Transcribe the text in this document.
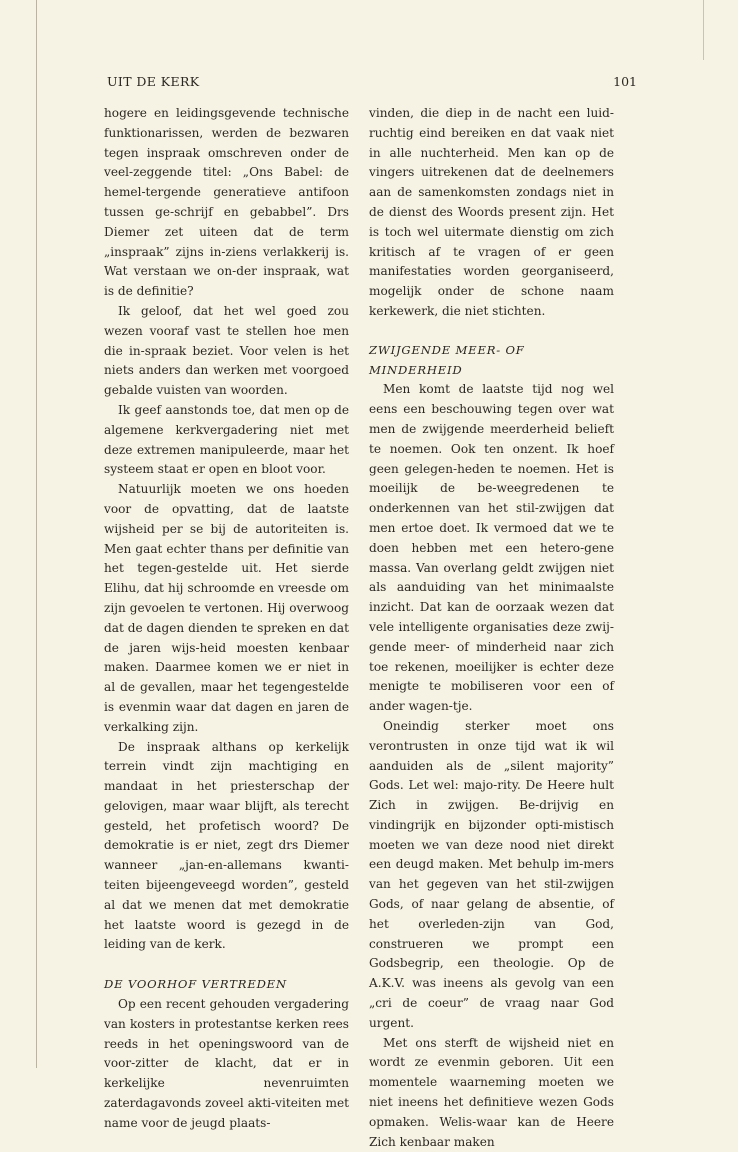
UIT DE KERK	101

hogere en leidingsgevende technische funktionarissen, werden de bezwaren tegen inspraak omschreven onder de veel-zeggende titel: „Ons Babel: de hemel-tergende generatieve antifoon tussen ge-schrijf en gebabbel”. Drs Diemer zet uiteen dat de term „inspraak” zijns in-ziens verlakkerij is. Wat verstaan we on-der inspraak, wat is de definitie?

Ik geloof, dat het wel goed zou wezen vooraf vast te stellen hoe men die in-spraak beziet. Voor velen is het niets anders dan werken met voorgoed gebalde vuisten van woorden.

Ik geef aanstonds toe, dat men op de algemene kerkvergadering niet met deze extremen manipuleerde, maar het systeem staat er open en bloot voor.

Natuurlijk moeten we ons hoeden voor de opvatting, dat de laatste wijsheid per se bij de autoriteiten is. Men gaat echter thans per definitie van het tegen-gestelde uit. Het sierde Elihu, dat hij schroomde en vreesde om zijn gevoelen te vertonen. Hij overwoog dat de dagen dienden te spreken en dat de jaren wijs-heid moesten kenbaar maken. Daarmee komen we er niet in al de gevallen, maar het tegengestelde is evenmin waar dat dagen en jaren de verkalking zijn.

De inspraak althans op kerkelijk terrein vindt zijn machtiging en mandaat in het priesterschap der gelovigen, maar waar blijft, als terecht gesteld, het profetisch woord? De demokratie is er niet, zegt drs Diemer wanneer „jan-en-allemans kwanti-teiten bijeengeveegd worden”, gesteld al dat we menen dat met demokratie het laatste woord is gezegd in de leiding van de kerk.

DE VOORHOF VERTREDEN

Op een recent gehouden vergadering van kosters in protestantse kerken rees reeds in het openingswoord van de voor-zitter de klacht, dat er in kerkelijke nevenruimten zaterdagavonds zoveel akti-viteiten met name voor de jeugd plaats-

vinden, die diep in de nacht een luid-ruchtig eind bereiken en dat vaak niet in alle nuchterheid. Men kan op de vingers uitrekenen dat de deelnemers aan de samenkomsten zondags niet in de dienst des Woords present zijn. Het is toch wel uitermate dienstig om zich kritisch af te vragen of er geen manifestaties worden georganiseerd, mogelijk onder de schone naam kerkewerk, die niet stichten.

ZWIJGENDE MEER- OF
MINDERHEID

Men komt de laatste tijd nog wel eens een beschouwing tegen over wat men de zwijgende meerderheid belieft te noemen. Ook ten onzent. Ik hoef geen gelegen-heden te noemen. Het is moeilijk de be-weegredenen te onderkennen van het stil-zwijgen dat men ertoe doet. Ik vermoed dat we te doen hebben met een hetero-gene massa. Van overlang geldt zwijgen niet als aanduiding van het minimaalste inzicht. Dat kan de oorzaak wezen dat vele intelligente organisaties deze zwij-gende meer- of minderheid naar zich toe rekenen, moeilijker is echter deze menigte te mobiliseren voor een of ander wagen-tje.

Oneindig sterker moet ons verontrusten in onze tijd wat ik wil aanduiden als de „silent majority” Gods. Let wel: majo-rity. De Heere hult Zich in zwijgen. Be-drijvig en vindingrijk en bijzonder opti-mistisch moeten we van deze nood niet direkt een deugd maken. Met behulp im-mers van het gegeven van het stil-zwijgen Gods, of naar gelang de absentie, of het overleden-zijn van God, construeren we prompt een Godsbegrip, een theologie. Op de A.K.V. was ineens als gevolg van een „cri de coeur” de vraag naar God urgent.

Met ons sterft de wijsheid niet en wordt ze evenmin geboren. Uit een momentele waarneming moeten we niet ineens het definitieve wezen Gods opmaken. Welis-waar kan de Heere Zich kenbaar maken
